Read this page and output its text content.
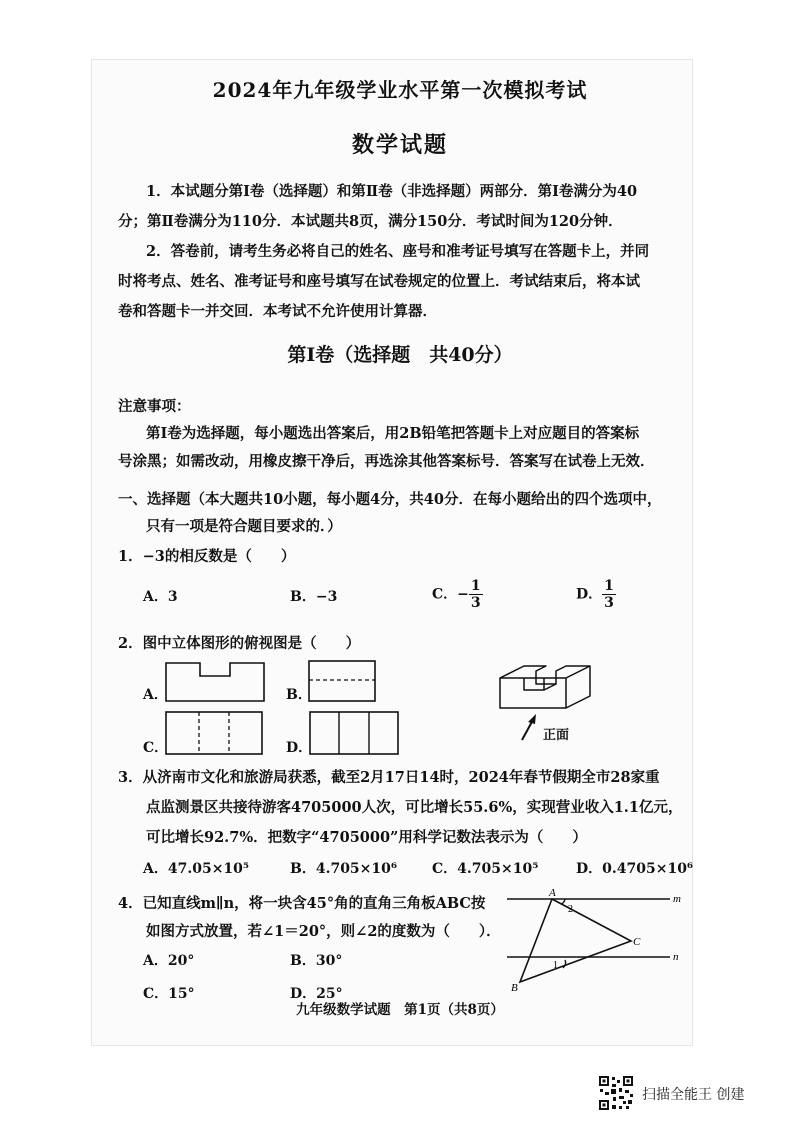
2024年九年级学业水平第一次模拟考试
数学试题
1．本试题分第Ⅰ卷（选择题）和第Ⅱ卷（非选择题）两部分．第Ⅰ卷满分为40
分；第Ⅱ卷满分为110分．本试题共8页，满分150分．考试时间为120分钟．
2．答卷前，请考生务必将自己的姓名、座号和准考证号填写在答题卡上，并同
时将考点、姓名、准考证号和座号填写在试卷规定的位置上．考试结束后，将本试
卷和答题卡一并交回．本考试不允许使用计算器．
第Ⅰ卷（选择题　共40分）
注意事项：
第Ⅰ卷为选择题，每小题选出答案后，用2B铅笔把答题卡上对应题目的答案标
号涂黑；如需改动，用橡皮擦干净后，再选涂其他答案标号．答案写在试卷上无效．
一、选择题（本大题共10小题，每小题4分，共40分．在每小题给出的四个选项中，
只有一项是符合题目要求的．）
1．−3的相反数是（　　）
A．3	B．−3	C．− $\frac{1}{3}$	D． $\frac{1}{3}$
2．图中立体图形的俯视图是（　　）
A．	B．
C．	D．
正面
3．从济南市文化和旅游局获悉，截至2月17日14时，2024年春节假期全市28家重
点监测景区共接待游客4705000人次，可比增长55.6%，实现营业收入1.1亿元，
可比增长92.7%．把数字“4705000”用科学记数法表示为（　　）
A．47.05×10⁵	B．4.705×10⁶ C．4.705×10⁵	D．0.4705×10⁶
4．已知直线m∥n，将一块含45°角的直角三角板ABC按
如图方式放置，若∠1＝20°，则∠2的度数为（　　）．
A．20°	B．30°
C．15°	D．25°
A
C
B
m
n
2
1
九年级数学试题　第1页（共8页）
扫描全能王 创建
